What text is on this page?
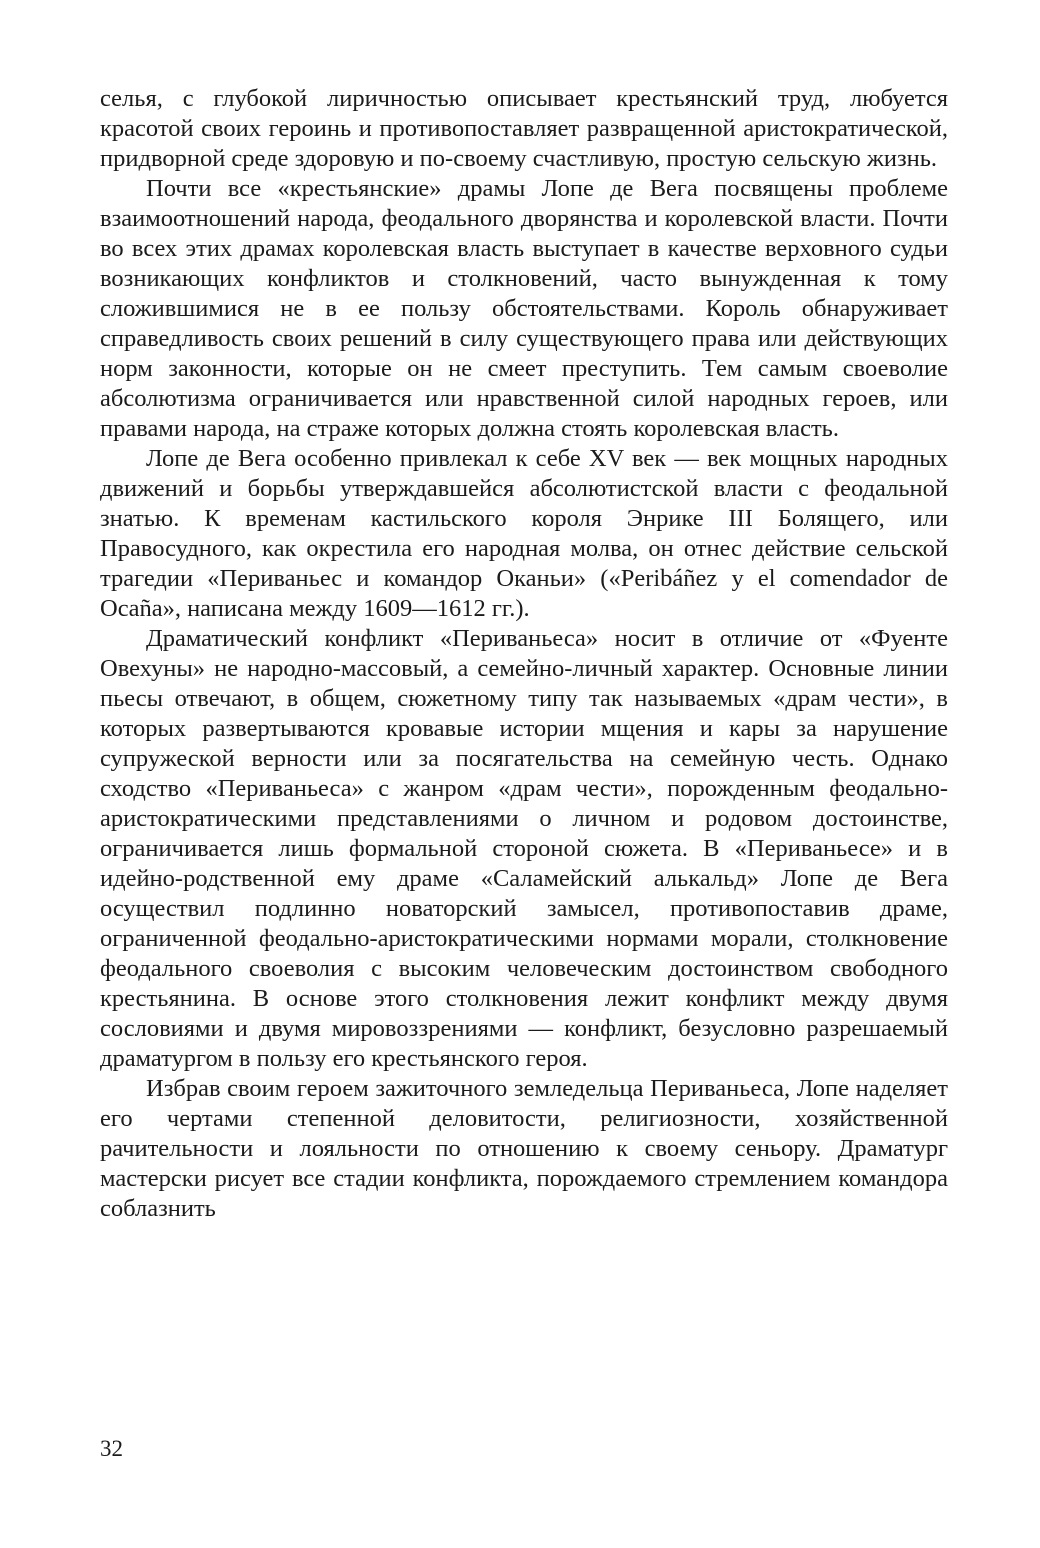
селья, с глубокой лиричностью описывает крестьянский труд, любуется красотой своих героинь и противопоставляет развращенной аристократической, придворной среде здоровую и по-своему счастливую, простую сельскую жизнь.

Почти все «крестьянские» драмы Лопе де Вега посвящены проблеме взаимоотношений народа, феодального дворянства и королевской власти. Почти во всех этих драмах королевская власть выступает в качестве верховного судьи возникающих конфликтов и столкновений, часто вынужденная к тому сложившимися не в ее пользу обстоятельствами. Король обнаруживает справедливость своих решений в силу существующего права или действующих норм законности, которые он не смеет преступить. Тем самым своеволие абсолютизма ограничивается или нравственной силой народных героев, или правами народа, на страже которых должна стоять королевская власть.

Лопе де Вега особенно привлекал к себе XV век — век мощных народных движений и борьбы утверждавшейся абсолютистской власти с феодальной знатью. К временам кастильского короля Энрике III Болящего, или Правосудного, как окрестила его народная молва, он отнес действие сельской трагедии «Периваньес и командор Оканьи» («Peribáñez y el comendador de Ocaña», написана между 1609—1612 гг.).

Драматический конфликт «Периваньеса» носит в отличие от «Фуенте Овехуны» не народно-массовый, а семейно-личный характер. Основные линии пьесы отвечают, в общем, сюжетному типу так называемых «драм чести», в которых развертываются кровавые истории мщения и кары за нарушение супружеской верности или за посягательства на семейную честь. Однако сходство «Периваньеса» с жанром «драм чести», порожденным феодально-аристократическими представлениями о личном и родовом достоинстве, ограничивается лишь формальной стороной сюжета. В «Периваньесе» и в идейно-родственной ему драме «Саламейский алькальд» Лопе де Вега осуществил подлинно новаторский замысел, противопоставив драме, ограниченной феодально-аристократическими нормами морали, столкновение феодального своеволия с высоким человеческим достоинством свободного крестьянина. В основе этого столкновения лежит конфликт между двумя сословиями и двумя мировоззрениями — конфликт, безусловно разрешаемый драматургом в пользу его крестьянского героя.

Избрав своим героем зажиточного земледельца Периваньеса, Лопе наделяет его чертами степенной деловитости, религиозности, хозяйственной рачительности и лояльности по отношению к своему сеньору. Драматург мастерски рисует все стадии конфликта, порождаемого стремлением командора соблазнить

32
